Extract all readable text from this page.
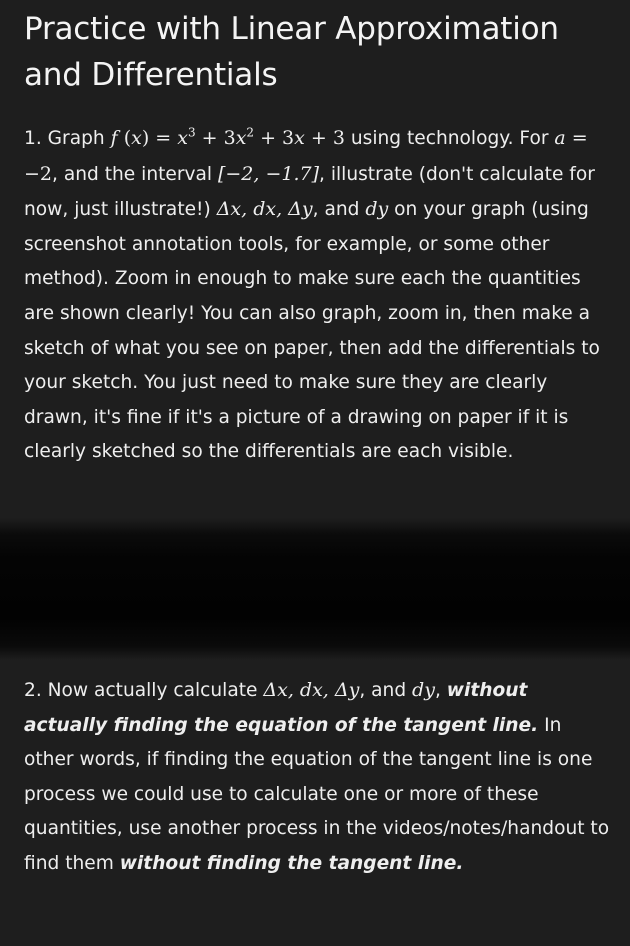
Practice with Linear Approximation and Differentials
1. Graph f $(x) = x^3 + 3x^2 + 3x + 3$ using technology. For a = −2, and the interval [−2, −1.7], illustrate (don't calculate for now, just illustrate!) Δx, dx, Δy, and dy on your graph (using screenshot annotation tools, for example, or some other method). Zoom in enough to make sure each the quantities are shown clearly! You can also graph, zoom in, then make a sketch of what you see on paper, then add the differentials to your sketch. You just need to make sure they are clearly drawn, it's fine if it's a picture of a drawing on paper if it is clearly sketched so the differentials are each visible.
2. Now actually calculate Δx, dx, Δy, and dy, without actually finding the equation of the tangent line. In other words, if finding the equation of the tangent line is one process we could use to calculate one or more of these quantities, use another process in the videos/notes/handout to find them without finding the tangent line.
